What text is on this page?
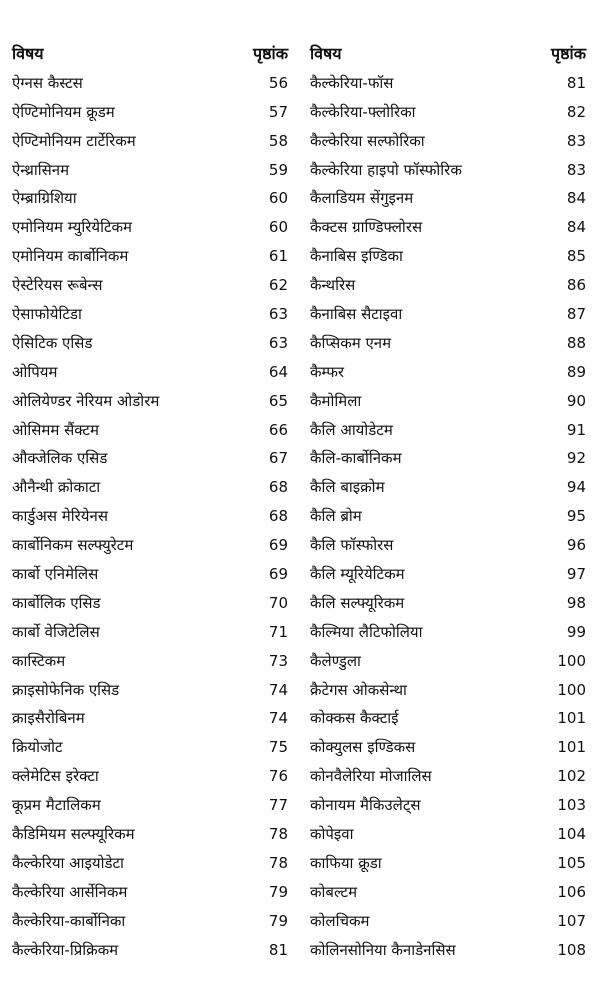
विषय	पृष्ठांक
ऐग्नस कैस्टस	56
ऐण्टिमोनियम क्रूडम	57
ऐण्टिमोनियम टार्टेरिकम	58
ऐन्थ्रासिनम	59
ऐम्ब्राग्रिशिया	60
एमोनियम म्युरियेटिकम	60
एमोनियम कार्बोनिकम	61
ऐस्टेरियस रूबेन्स	62
ऐसाफोयेटिडा	63
ऐसिटिक एसिड	63
ओपियम	64
ओलियेण्डर नेरियम ओडोरम	65
ओसिमम सैंक्टम	66
औक्जेलिक एसिड	67
औनैन्थी क्रोकाटा	68
कार्डुअस मेरियेनस	68
कार्बोनिकम सल्फ्युरेटम	69
कार्बो एनिमेलिस	69
कार्बोलिक एसिड	70
कार्बो वेजिटेलिस	71
कास्टिकम	73
क्राइसोफेनिक एसिड	74
क्राइसैरोबिनम	74
क्रियोजोट	75
क्लेमेटिस इरेक्टा	76
कूप्रम मैटालिकम	77
कैडिमियम सल्फ्यूरिकम	78
कैल्केरिया आइयोडेटा	78
कैल्केरिया आर्सेनिकम	79
कैल्केरिया-कार्बोनिका	79
कैल्केरिया-प्रिक्रिकम	81
विषय	पृष्ठांक
कैल्केरिया-फॉस	81
कैल्केरिया-फ्लोरिका	82
कैल्केरिया सल्फोरिका	83
कैल्केरिया हाइपो फॉस्फोरिक	83
कैलाडियम सेंगुइनम	84
कैक्टस ग्राण्डिफ्लोरस	84
कैनाबिस इण्डिका	85
कैन्थरिस	86
कैनाबिस सैटाइवा	87
कैप्सिकम एनम	88
कैम्फर	89
कैमोमिला	90
कैलि आयोडेटम	91
कैलि-कार्बोनिकम	92
कैलि बाइक्रोम	94
कैलि ब्रोम	95
कैलि फॉस्फोरस	96
कैलि म्यूरियेटिकम	97
कैलि सल्फ्यूरिकम	98
कैल्मिया लैटिफोलिया	99
कैलेण्डुला	100
क्रैटेगस ओकसेन्था	100
कोक्कस कैक्टाई	101
कोक्युलस इण्डिकस	101
कोनवैलेरिया मोजालिस	102
कोनायम मैकिउलेट्स	103
कोपेइवा	104
काफिया क्रूडा	105
कोबल्टम	106
कोलचिकम	107
कोलिनसोनिया कैनाडेनसिस	108
